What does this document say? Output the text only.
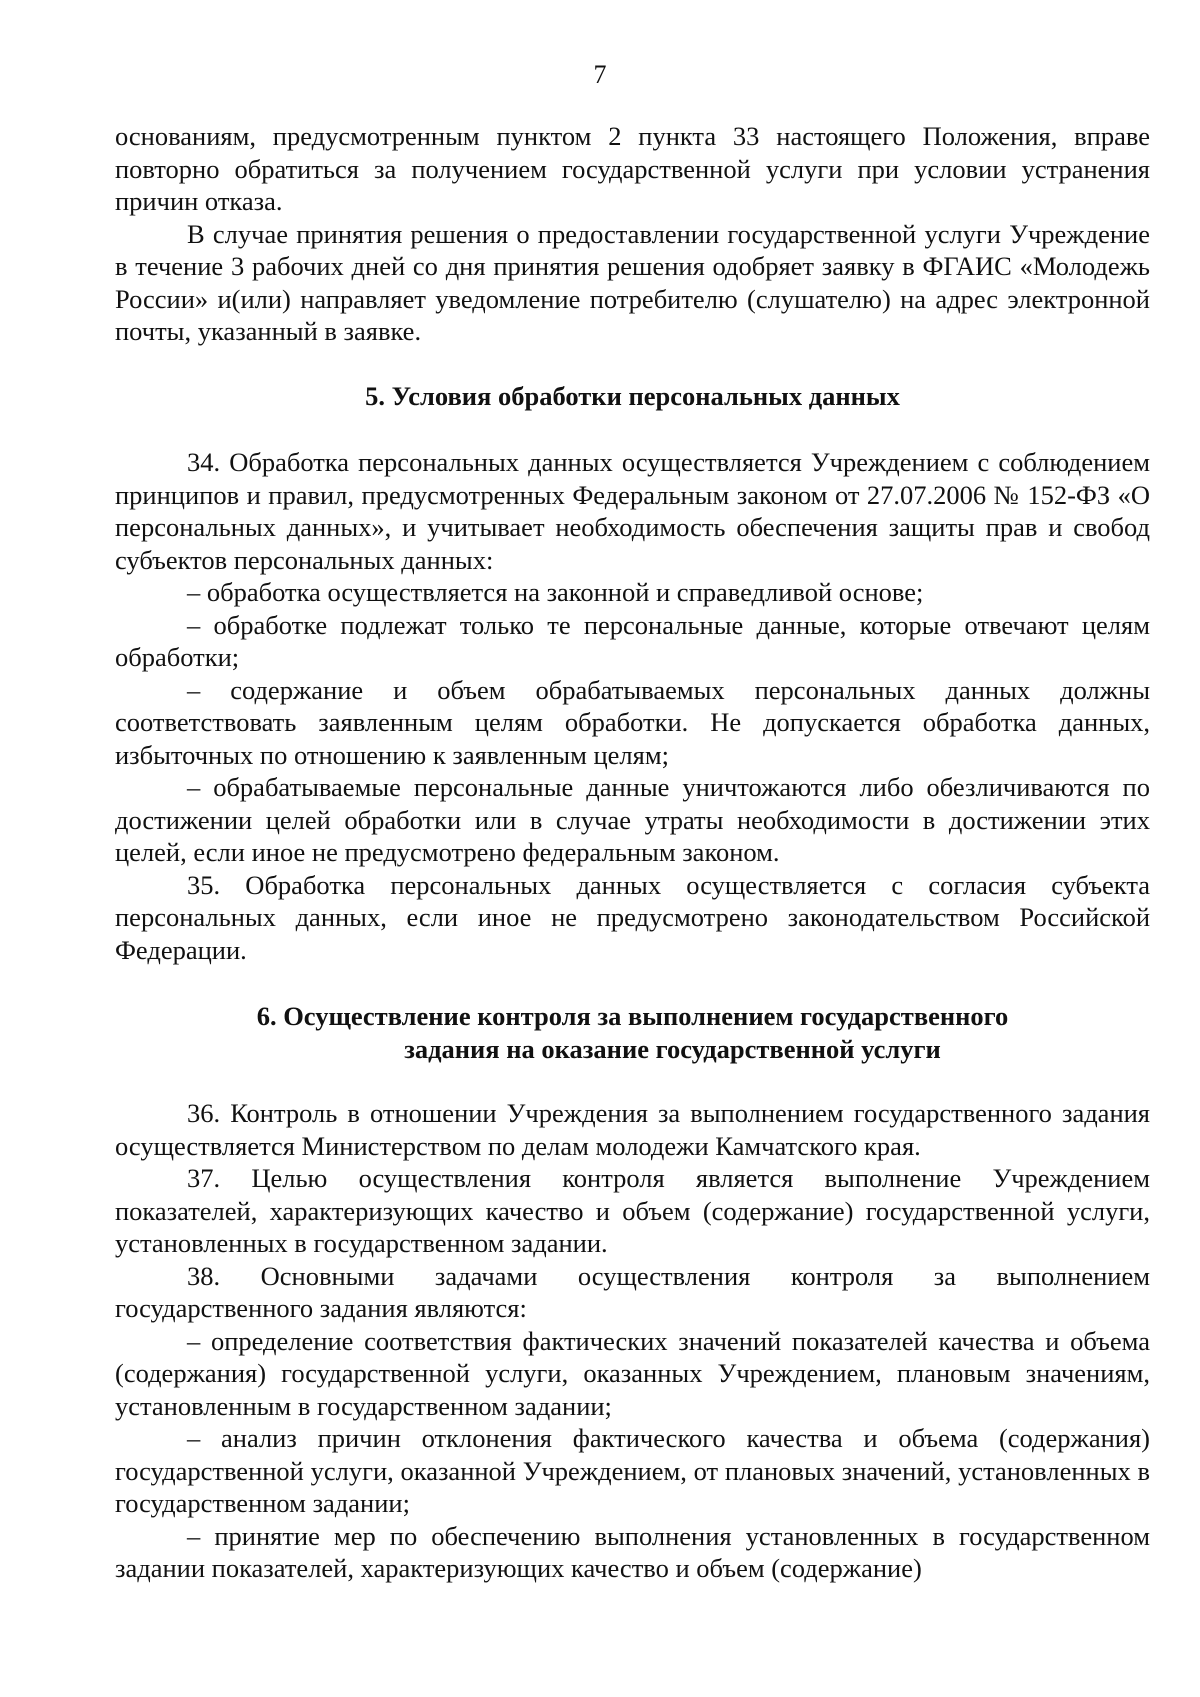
7

основаниям, предусмотренным пунктом 2 пункта 33 настоящего Положения, вправе повторно обратиться за получением государственной услуги при условии устранения причин отказа.

В случае принятия решения о предоставлении государственной услуги Учреждение в течение 3 рабочих дней со дня принятия решения одобряет заявку в ФГАИС «Молодежь России» и(или) направляет уведомление потребителю (слушателю) на адрес электронной почты, указанный в заявке.

5. Условия обработки персональных данных

34. Обработка персональных данных осуществляется Учреждением с соблюдением принципов и правил, предусмотренных Федеральным законом от 27.07.2006 № 152-ФЗ «О персональных данных», и учитывает необходимость обеспечения защиты прав и свобод субъектов персональных данных:

– обработка осуществляется на законной и справедливой основе;

– обработке подлежат только те персональные данные, которые отвечают целям обработки;

– содержание и объем обрабатываемых персональных данных должны соответствовать заявленным целям обработки. Не допускается обработка данных, избыточных по отношению к заявленным целям;

– обрабатываемые персональные данные уничтожаются либо обезличиваются по достижении целей обработки или в случае утраты необходимости в достижении этих целей, если иное не предусмотрено федеральным законом.

35. Обработка персональных данных осуществляется с согласия субъекта персональных данных, если иное не предусмотрено законодательством Российской Федерации.

6. Осуществление контроля за выполнением государственного

задания на оказание государственной услуги

36. Контроль в отношении Учреждения за выполнением государственного задания осуществляется Министерством по делам молодежи Камчатского края.

37. Целью осуществления контроля является выполнение Учреждением показателей, характеризующих качество и объем (содержание) государственной услуги, установленных в государственном задании.

38. Основными задачами осуществления контроля за выполнением государственного задания являются:

– определение соответствия фактических значений показателей качества и объема (содержания) государственной услуги, оказанных Учреждением, плановым значениям, установленным в государственном задании;

– анализ причин отклонения фактического качества и объема (содержания) государственной услуги, оказанной Учреждением, от плановых значений, установленных в государственном задании;

– принятие мер по обеспечению выполнения установленных в государственном задании показателей, характеризующих качество и объем (содержание)
